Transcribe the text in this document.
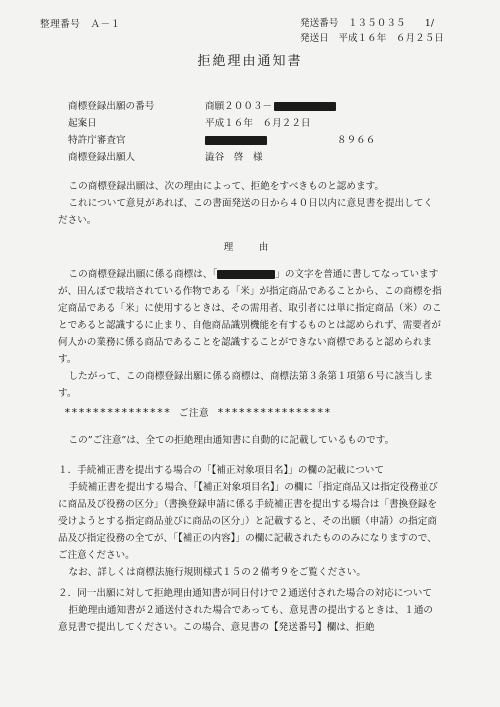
整理番号　Ａ－１	発送番号　１３５０３５　　1/
発送日　平成１６年　６月２５日
拒絶理由通知書
商標登録出願の番号	商願２００３－
起案日	平成１６年　６月２２日
特許庁審査官	８９６６
商標登録出願人	澁谷　啓　様

この商標登録出願は、次の理由によって、拒絶をすべきものと認めます。

これについて意見があれば、この書面発送の日から４０日以内に意見書を提出してください。

理　由

この商標登録出願に係る商標は、「	」の文字を普通に書してなっていますが、田んぼで栽培されている作物である「米」が指定商品であることから、この商標を指定商品である「米」に使用するときは、その需用者、取引者には単に指定商品（米）のことであると認識するに止まり、自他商品識別機能を有するものとは認められず、需要者が何人かの業務に係る商品であることを認識することができない商標であると認められます。

したがって、この商標登録出願に係る商標は、商標法第３条第１項第６号に該当します。

*************** ご注意 ****************

この”ご注意”は、全ての拒絶理由通知書に自動的に記載しているものです。

１．手続補正書を提出する場合の「【補正対象項目名】」の欄の記載について

手続補正書を提出する場合、「【補正対象項目名】」の欄に「指定商品又は指定役務並びに商品及び役務の区分」（書換登録申請に係る手続補正書を提出する場合は「書換登録を受けようとする指定商品並びに商品の区分」）と記載すると、その出願（申請）の指定商品及び指定役務の全てが、「【補正の内容】」の欄に記載されたもののみになりますので、ご注意ください。

なお、詳しくは商標法施行規則様式１５の２備考９をご覧ください。

２．同一出願に対して拒絶理由通知書が同日付けで２通送付された場合の対応について

拒絶理由通知書が２通送付された場合であっても、意見書の提出するときは、１通の意見書で提出してください。この場合、意見書の【発送番号】欄は、拒絶
